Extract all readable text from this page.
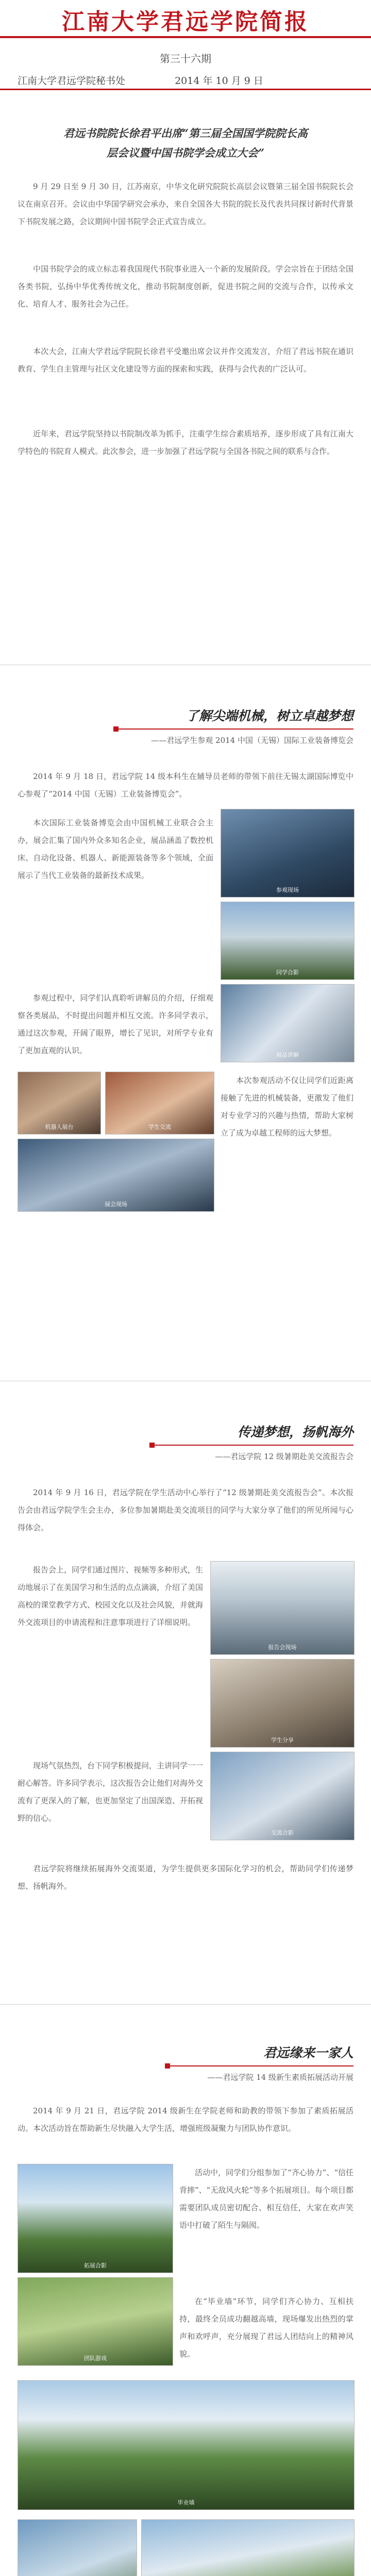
江南大学君远学院简报
第三十六期
江南大学君远学院秘书处	2014 年 10 月 9 日
君远书院院长徐君平出席“第三届全国国学院院长高
层会议暨中国书院学会成立大会”
9 月 29 日至 9 月 30 日，江苏南京，中华文化研究院院长高层会议暨第三届全国书院院长会议在南京召开。会议由中华国学研究会承办，来自全国各大书院的院长及代表共同探讨新时代背景下书院发展之路，会议期间中国书院学会正式宣告成立。
中国书院学会的成立标志着我国现代书院事业进入一个新的发展阶段。学会宗旨在于团结全国各类书院，弘扬中华优秀传统文化，推动书院制度创新，促进书院之间的交流与合作，以传承文化、培育人才、服务社会为己任。
本次大会，江南大学君远学院院长徐君平受邀出席会议并作交流发言，介绍了君远书院在通识教育、学生自主管理与社区文化建设等方面的探索和实践，获得与会代表的广泛认可。
近年来，君远学院坚持以书院制改革为抓手，注重学生综合素质培养，逐步形成了具有江南大学特色的书院育人模式。此次参会，进一步加强了君远学院与全国各书院之间的联系与合作。
了解尖端机械，树立卓越梦想
——君远学生参观 2014 中国（无锡）国际工业装备博览会
2014 年 9 月 18 日，君远学院 14 级本科生在辅导员老师的带领下前往无锡太湖国际博览中心参观了“2014 中国（无锡）工业装备博览会”。
本次国际工业装备博览会由中国机械工业联合会主办，展会汇集了国内外众多知名企业，展品涵盖了数控机床、自动化设备、机器人、新能源装备等多个领域，全面展示了当代工业装备的最新技术成果。
参观现场
同学合影
参观过程中，同学们认真聆听讲解员的介绍，仔细观察各类展品，不时提出问题并相互交流。许多同学表示，通过这次参观，开阔了眼界，增长了见识，对所学专业有了更加直观的认识。	展品讲解
机器人展台	学生交流
展会现场
本次参观活动不仅让同学们近距离接触了先进的机械装备，更激发了他们对专业学习的兴趣与热情，帮助大家树立了成为卓越工程师的远大梦想。
传递梦想，扬帆海外
——君远学院 12 级暑期赴美交流报告会
2014 年 9 月 16 日，君远学院在学生活动中心举行了“12 级暑期赴美交流报告会”。本次报告会由君远学院学生会主办，多位参加暑期赴美交流项目的同学与大家分享了他们的所见所闻与心得体会。
报告会上，同学们通过图片、视频等多种形式，生动地展示了在美国学习和生活的点点滴滴，介绍了美国高校的课堂教学方式、校园文化以及社会风貌，并就海外交流项目的申请流程和注意事项进行了详细说明。
报告会现场
学生分享
现场气氛热烈，台下同学积极提问，主讲同学一一耐心解答。许多同学表示，这次报告会让他们对海外交流有了更深入的了解，也更加坚定了出国深造、开拓视野的信心。
交流合影
君远学院将继续拓展海外交流渠道，为学生提供更多国际化学习的机会，帮助同学们传递梦想、扬帆海外。
君远缘来一家人
——君远学院 14 级新生素质拓展活动开展
2014 年 9 月 21 日，君远学院 2014 级新生在学院老师和助教的带领下参加了素质拓展活动。本次活动旨在帮助新生尽快融入大学生活，增强班级凝聚力与团队协作意识。
拓展合影
活动中，同学们分组参加了“齐心协力”、“信任背摔”、“无敌风火轮”等多个拓展项目。每个项目都需要团队成员密切配合、相互信任，大家在欢声笑语中打破了陌生与隔阂。
团队游戏
在“毕业墙”环节，同学们齐心协力、互相扶持，最终全员成功翻越高墙，现场爆发出热烈的掌声和欢呼声，充分展现了君远人团结向上的精神风貌。
毕业墙
